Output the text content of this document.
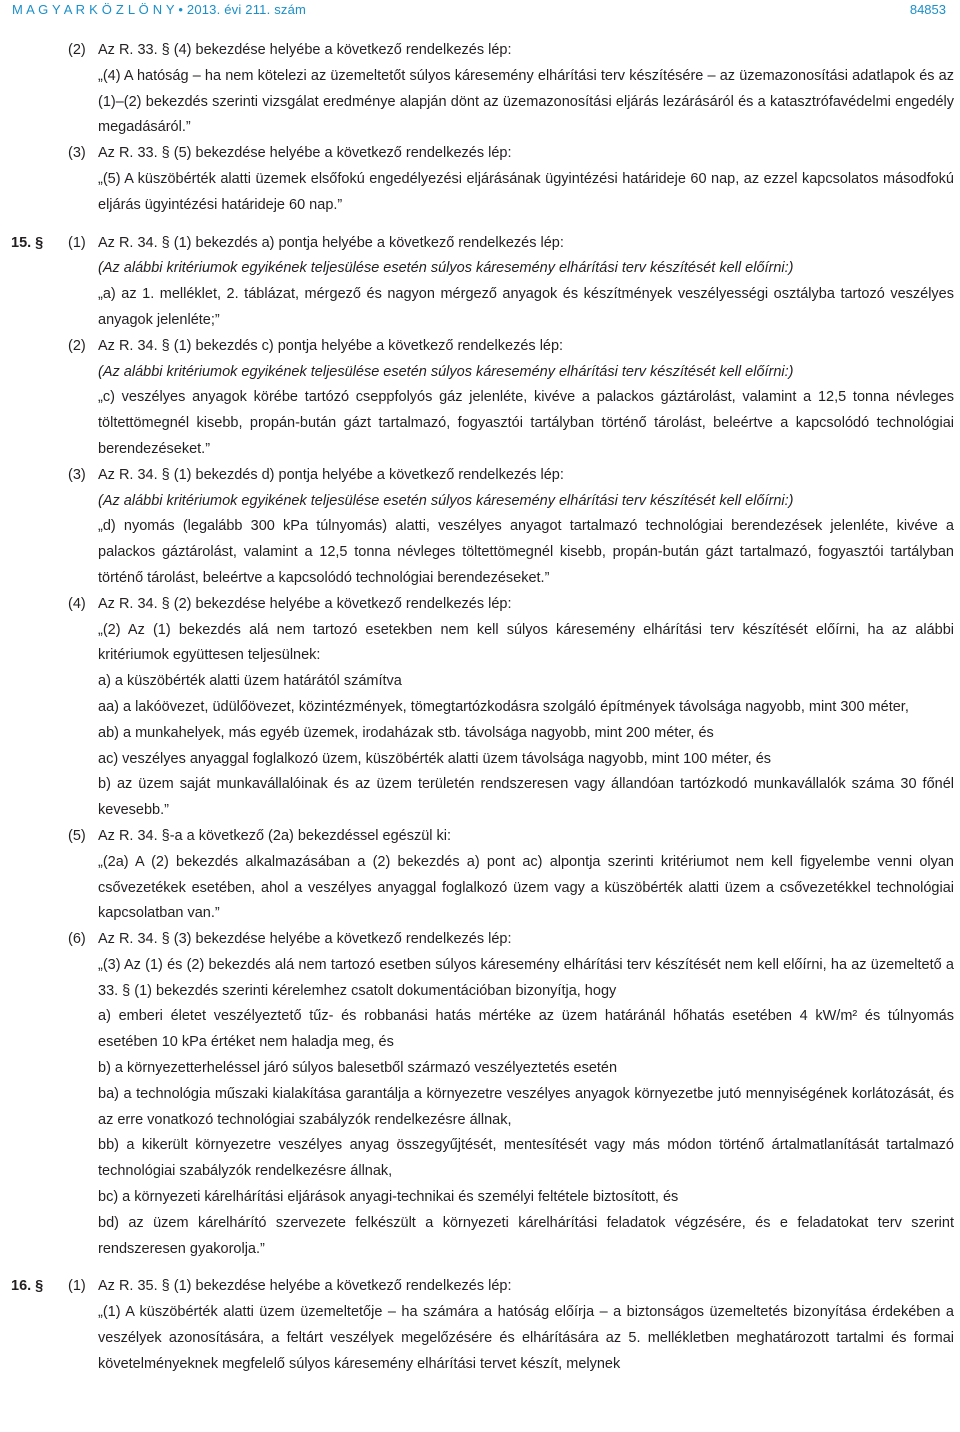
M A G Y A R K Ö Z L Ö N Y • 2013. évi 211. szám	84853
(2) Az R. 33. § (4) bekezdése helyébe a következő rendelkezés lép:
„(4) A hatóság – ha nem kötelezi az üzemeltetőt súlyos káresemény elhárítási terv készítésére – az üzemazonosítási adatlapok és az (1)–(2) bekezdés szerinti vizsgálat eredménye alapján dönt az üzemazonosítási eljárás lezárásáról és a katasztrófavédelmi engedély megadásáról.”
(3) Az R. 33. § (5) bekezdése helyébe a következő rendelkezés lép:
„(5) A küszöbérték alatti üzemek elsőfokú engedélyezési eljárásának ügyintézési határideje 60 nap, az ezzel kapcsolatos másodfokú eljárás ügyintézési határideje 60 nap.”
15. § (1) Az R. 34. § (1) bekezdés a) pontja helyébe a következő rendelkezés lép:
(Az alábbi kritériumok egyikének teljesülése esetén súlyos káresemény elhárítási terv készítését kell előírni:)
„a) az 1. melléklet, 2. táblázat, mérgező és nagyon mérgező anyagok és készítmények veszélyességi osztályba tartozó veszélyes anyagok jelenléte;”
(2) Az R. 34. § (1) bekezdés c) pontja helyébe a következő rendelkezés lép:
(Az alábbi kritériumok egyikének teljesülése esetén súlyos káresemény elhárítási terv készítését kell előírni:)
„c) veszélyes anyagok körébe tartózó cseppfolyós gáz jelenléte, kivéve a palackos gáztárolást, valamint a 12,5 tonna névleges töltettömegnél kisebb, propán-bután gázt tartalmazó, fogyasztói tartályban történő tárolást, beleértve a kapcsolódó technológiai berendezéseket.”
(3) Az R. 34. § (1) bekezdés d) pontja helyébe a következő rendelkezés lép:
(Az alábbi kritériumok egyikének teljesülése esetén súlyos káresemény elhárítási terv készítését kell előírni:)
„d) nyomás (legalább 300 kPa túlnyomás) alatti, veszélyes anyagot tartalmazó technológiai berendezések jelenléte, kivéve a palackos gáztárolást, valamint a 12,5 tonna névleges töltettömegnél kisebb, propán-bután gázt tartalmazó, fogyasztói tartályban történő tárolást, beleértve a kapcsolódó technológiai berendezéseket.”
(4) Az R. 34. § (2) bekezdése helyébe a következő rendelkezés lép:
„(2) Az (1) bekezdés alá nem tartozó esetekben nem kell súlyos káresemény elhárítási terv készítését előírni, ha az alábbi kritériumok együttesen teljesülnek:
a) a küszöbérték alatti üzem határától számítva
aa) a lakóövezet, üdülőövezet, közintézmények, tömegtartózkodásra szolgáló építmények távolsága nagyobb, mint 300 méter,
ab) a munkahelyek, más egyéb üzemek, irodaházak stb. távolsága nagyobb, mint 200 méter, és
ac) veszélyes anyaggal foglalkozó üzem, küszöbérték alatti üzem távolsága nagyobb, mint 100 méter, és
b) az üzem saját munkavállalóinak és az üzem területén rendszeresen vagy állandóan tartózkodó munkavállalók száma 30 főnél kevesebb.”
(5) Az R. 34. §-a a következő (2a) bekezdéssel egészül ki:
„(2a) A (2) bekezdés alkalmazásában a (2) bekezdés a) pont ac) alpontja szerinti kritériumot nem kell figyelembe venni olyan csővezetékek esetében, ahol a veszélyes anyaggal foglalkozó üzem vagy a küszöbérték alatti üzem a csővezetékkel technológiai kapcsolatban van.”
(6) Az R. 34. § (3) bekezdése helyébe a következő rendelkezés lép:
„(3) Az (1) és (2) bekezdés alá nem tartozó esetben súlyos káresemény elhárítási terv készítését nem kell előírni, ha az üzemeltető a 33. § (1) bekezdés szerinti kérelemhez csatolt dokumentációban bizonyítja, hogy
a) emberi életet veszélyeztető tűz- és robbanási hatás mértéke az üzem határánál hőhatás esetében 4 kW/m² és túlnyomás esetében 10 kPa értéket nem haladja meg, és
b) a környezetterheléssel járó súlyos balesetből származó veszélyeztetés esetén
ba) a technológia műszaki kialakítása garantálja a környezetre veszélyes anyagok környezetbe jutó mennyiségének korlátozását, és az erre vonatkozó technológiai szabályzók rendelkezésre állnak,
bb) a kikerült környezetre veszélyes anyag összegyűjtését, mentesítését vagy más módon történő ártalmatlanítását tartalmazó technológiai szabályzók rendelkezésre állnak,
bc) a környezeti kárelhárítási eljárások anyagi-technikai és személyi feltétele biztosított, és
bd) az üzem kárelhárító szervezete felkészült a környezeti kárelhárítási feladatok végzésére, és e feladatokat terv szerint rendszeresen gyakorolja.”
16. § (1) Az R. 35. § (1) bekezdése helyébe a következő rendelkezés lép:
„(1) A küszöbérték alatti üzem üzemeltetője – ha számára a hatóság előírja – a biztonságos üzemeltetés bizonyítása érdekében a veszélyek azonosítására, a feltárt veszélyek megelőzésére és elhárítására az 5. mellékletben meghatározott tartalmi és formai követelményeknek megfelelő súlyos káresemény elhárítási tervet készít, melynek
